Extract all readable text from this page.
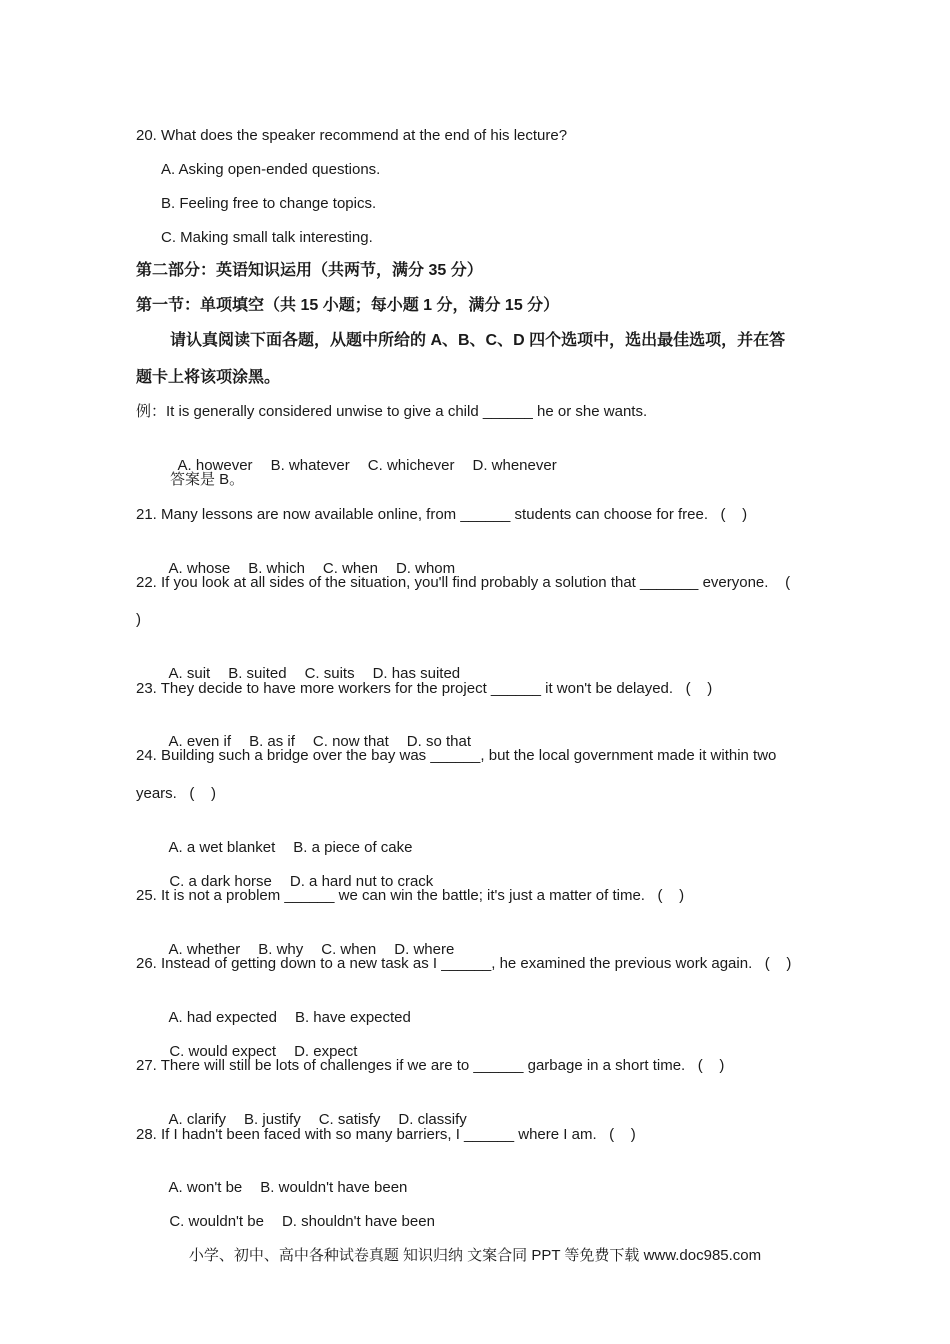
20. What does the speaker recommend at the end of his lecture?
A. Asking open-ended questions.
B. Feeling free to change topics.
C. Making small talk interesting.
第二部分：英语知识运用（共两节，满分 35 分）
第一节：单项填空（共 15 小题；每小题 1 分，满分 15 分）
请认真阅读下面各题，从题中所给的 A、B、C、D 四个选项中，选出最佳选项，并在答
题卡上将该项涂黑。
例：It is generally considered unwise to give a child ______ he or she wants.

A. however B. whatever C. whichever D. whenever

答案是 B。
21. Many lessons are now available online, from ______ students can choose for free.   (    )

A. whose B. which C. when D. whom

22. If you look at all sides of the situation, you'll find probably a solution that _______ everyone.    (
)

A. suit B. suited C. suits D. has suited

23. They decide to have more workers for the project ______ it won't be delayed.   (    )

A. even if B. as if C. now that D. so that

24. Building such a bridge over the bay was ______, but the local government made it within two
years.   (    )

A. a wet blanket B. a piece of cake

C. a dark horse D. a hard nut to crack

25. It is not a problem ______ we can win the battle; it's just a matter of time.   (    )

A. whether B. why C. when D. where

26. Instead of getting down to a new task as I ______, he examined the previous work again.   (    )

A. had expected B. have expected

C. would expect D. expect

27. There will still be lots of challenges if we are to ______ garbage in a short time.   (    )

A. clarify B. justify C. satisfy D. classify

28. If I hadn't been faced with so many barriers, I ______ where I am.   (    )

A. won't be B. wouldn't have been

C. wouldn't be D. shouldn't have been

小学、初中、高中各种试卷真题 知识归纳 文案合同 PPT 等免费下载 www.doc985.com
